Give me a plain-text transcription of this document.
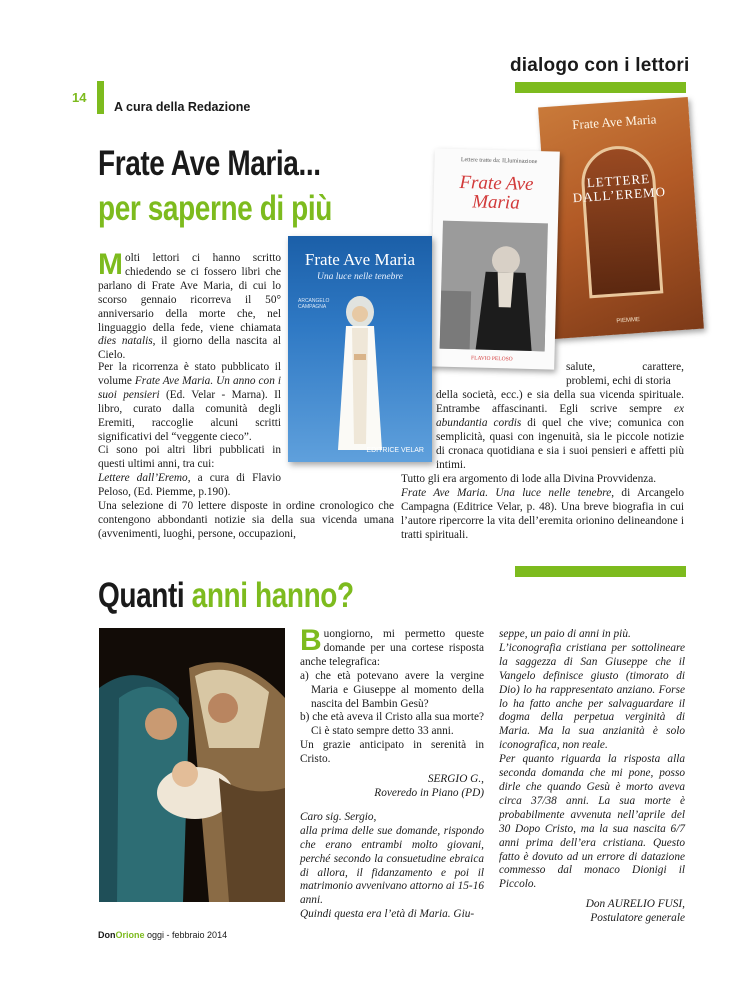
dialogo con i lettori
14
A cura della Redazione
Frate Ave Maria...
per saperne di più
Frate Ave Maria
LETTERE DALL’EREMO
PIEMME
Lettere tratte da: ILluminazione
Frate Ave Maria
FLAVIO PELOSO
Frate Ave Maria
Una luce nelle tenebre
ARCANGELO CAMPAGNA
EDITRICE VELAR

Molti lettori ci hanno scritto chiedendo se ci fossero libri che parlano di Frate Ave Maria, di cui lo scorso gennaio ricorreva il 50° anniversario della morte che, nel linguaggio della fede, viene chiamata dies natalis, il giorno della nascita al Cielo.

Per la ricorrenza è stato pubblicato il volume Frate Ave Maria. Un anno con i suoi pensieri (Ed. Velar - Marna). Il libro, curato dalla comunità degli Eremiti, raccoglie alcuni scritti significativi del “veggente cieco”.

Ci sono poi altri libri pubblicati in questi ultimi anni, tra cui:

Lettere dall’Eremo, a cura di Flavio Peloso, (Ed. Piemme, p.190).

Una selezione di 70 lettere disposte in ordine cronologico che contengono abbondanti notizie sia della sua vicenda umana (avvenimenti, luoghi, persone, occupazioni,
salute, carattere, problemi, echi di storia

della società, ecc.) e sia della sua vicenda spirituale. Entrambe affascinanti. Egli scrive sempre ex abundantia cordis di quel che vive; comunica con semplicità, quasi con ingenuità, sia le piccole notizie di cronaca quotidiana e sia i suoi pensieri e affetti più intimi.

Tutto gli era argomento di lode alla Divina Provvidenza.

Frate Ave Maria. Una luce nelle tenebre, di Arcangelo Campagna (Editrice Velar, p. 48). Una breve biografia in cui l’autore ripercorre la vita dell’eremita orionino delineandone i tratti spirituali.

Quanti anni hanno?

Buongiorno, mi permetto queste domande per una cortese risposta anche telegrafica:

a) che età potevano avere la vergine Maria e Giuseppe al momento della nascita del Bambin Gesù?

b) che età aveva il Cristo alla sua morte? Ci è stato sempre detto 33 anni.

Un grazie anticipato in serenità in Cristo.

SERGIO G.,

Roveredo in Piano (PD)

Caro sig. Sergio,

alla prima delle sue domande, rispondo che erano entrambi molto giovani, perché secondo la consuetudine ebraica di allora, il fidanzamento e poi il matrimonio avvenivano attorno ai 15-16 anni.

Quindi questa era l’età di Maria. Giu-

seppe, un paio di anni in più.

L’iconografia cristiana per sottolineare la saggezza di San Giuseppe che il Vangelo definisce giusto (timorato di Dio) lo ha rappresentato anziano. Forse lo ha fatto anche per salvaguardare il dogma della perpetua verginità di Maria. Ma la sua anzianità è solo iconografica, non reale.

Per quanto riguarda la risposta alla seconda domanda che mi pone, posso dirle che quando Gesù è morto aveva circa 37/38 anni. La sua morte è probabilmente avvenuta nell’aprile del 30 Dopo Cristo, ma la sua nascita 6/7 anni prima dell’era cristiana. Questo fatto è dovuto ad un errore di datazione commesso dal monaco Dionigi il Piccolo.

Don AURELIO FUSI,

Postulatore generale

DonOrione oggi - febbraio 2014
